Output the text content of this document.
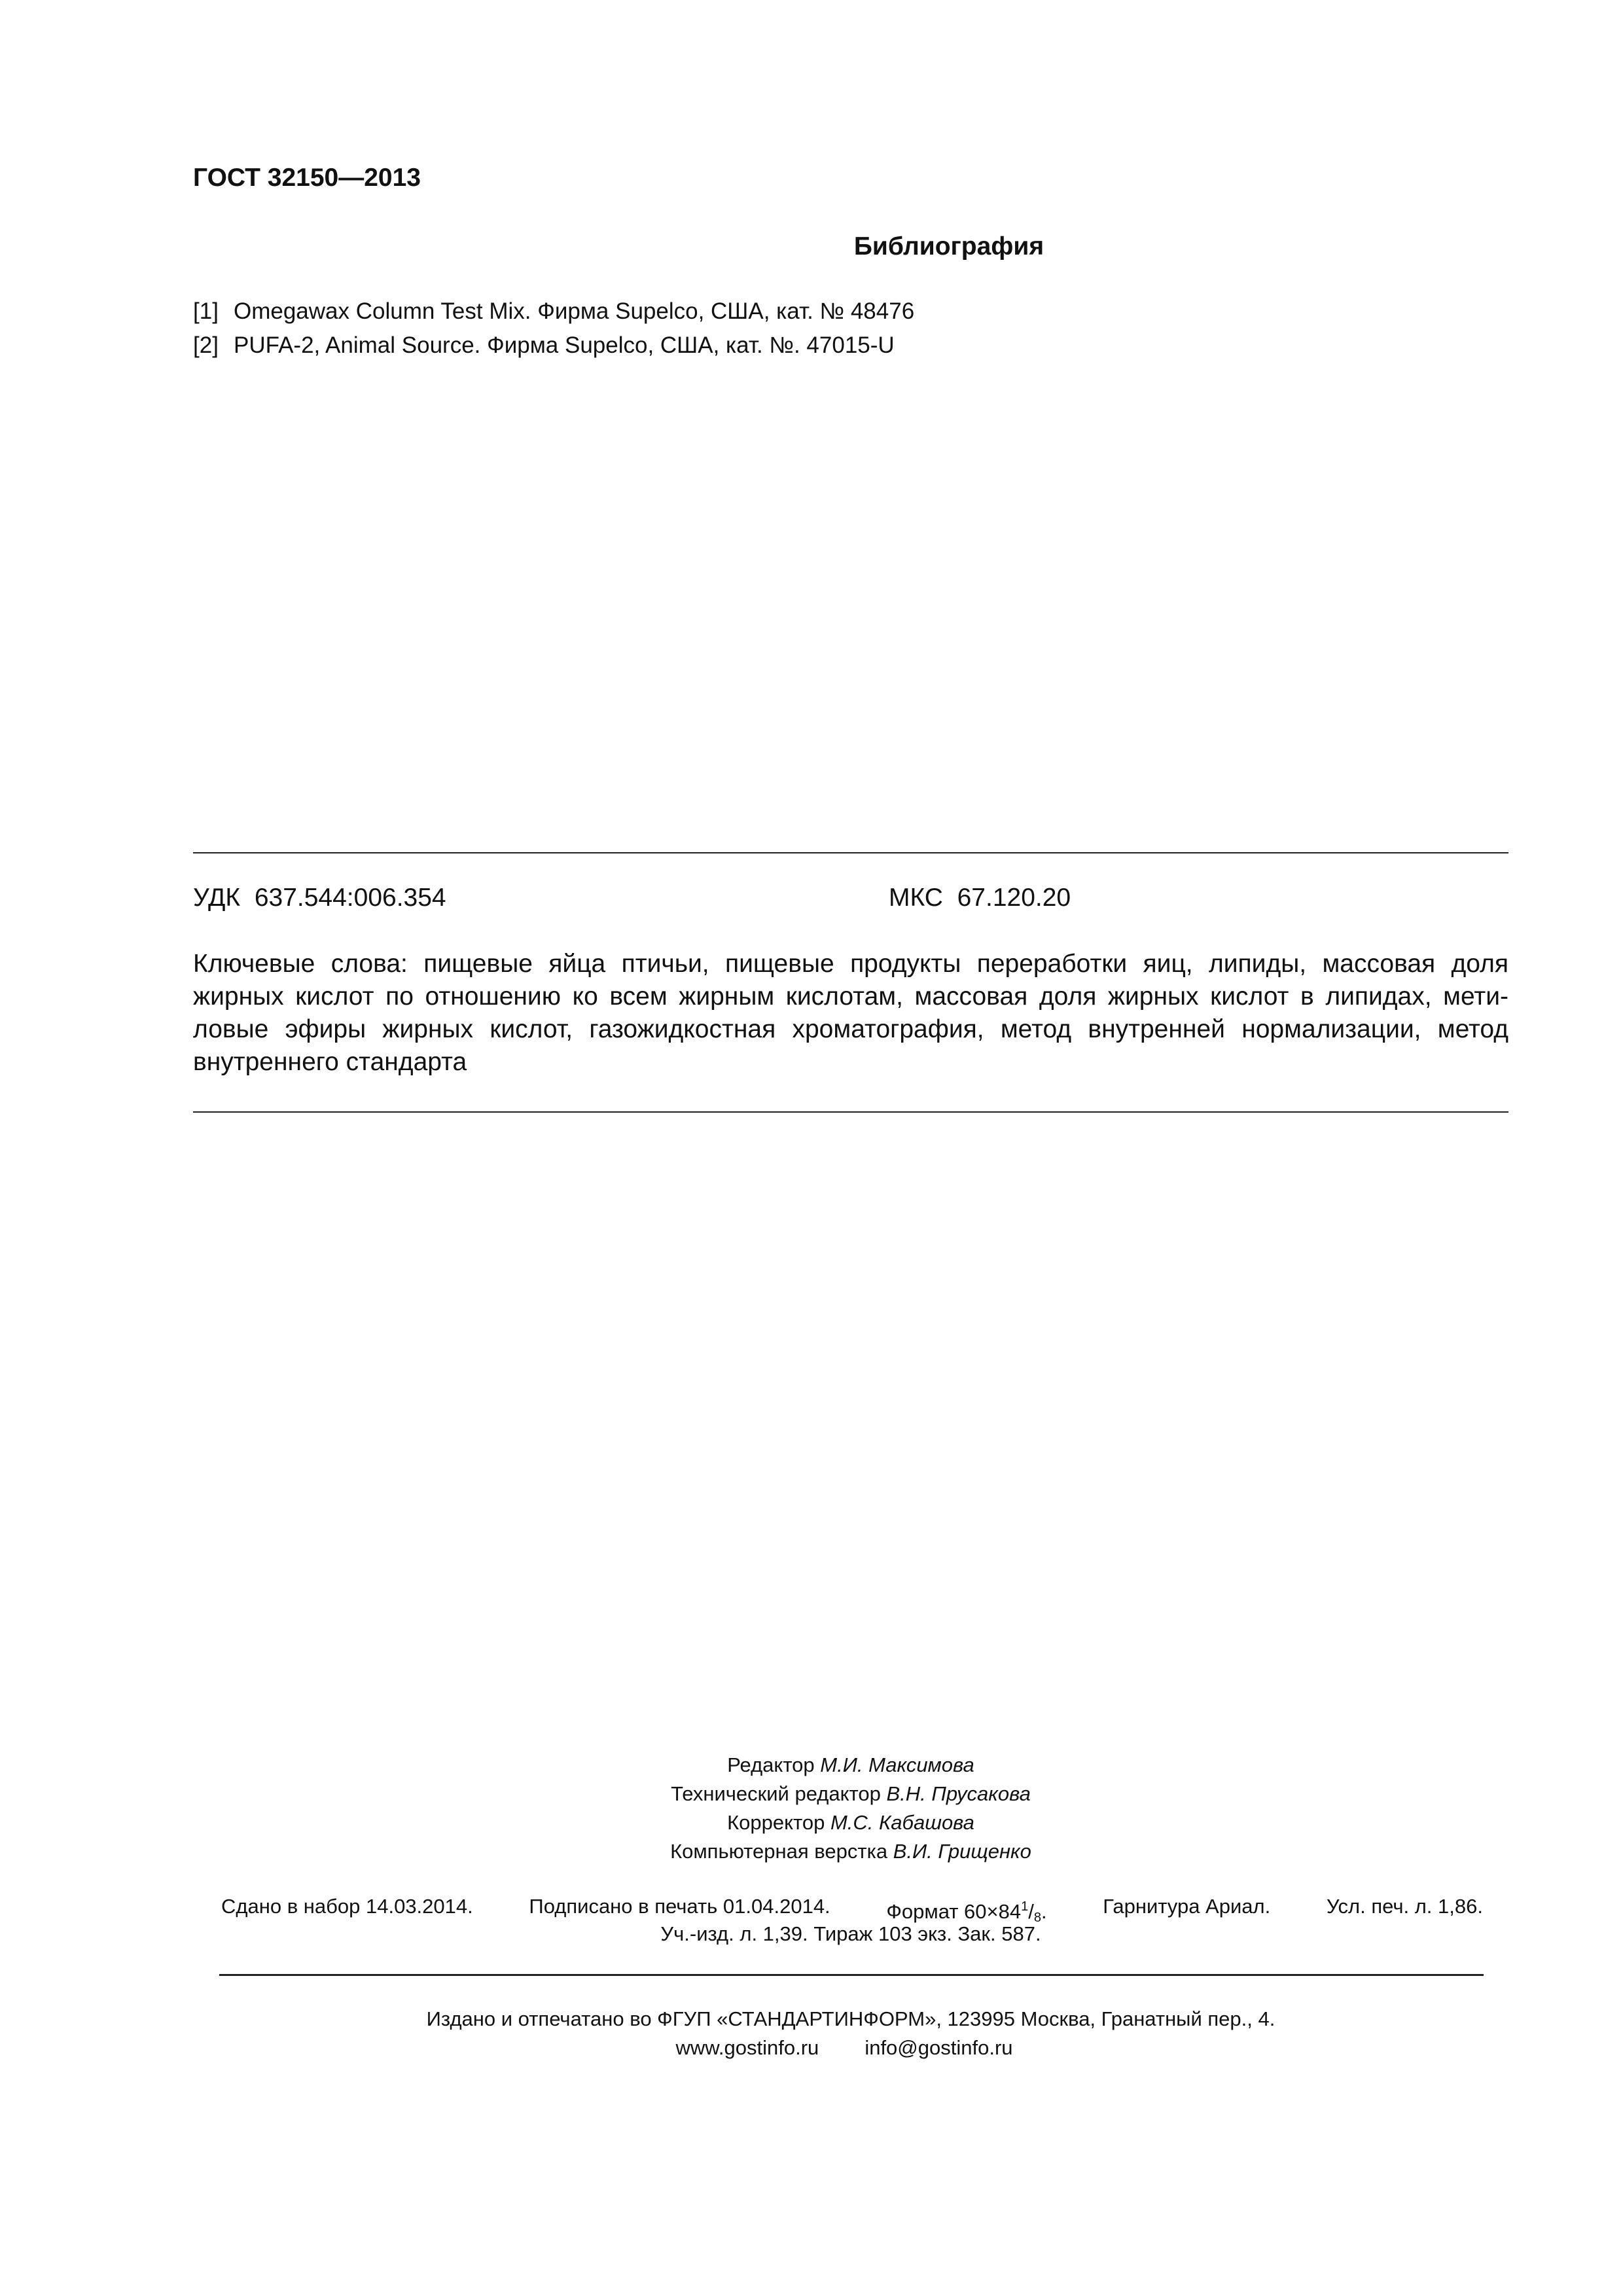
ГОСТ 32150—2013
Библиография
[1] Omegawax Column Test Mix. Фирма Supelco, США, кат. № 48476
[2] PUFA-2, Animal Source. Фирма Supelco, США, кат. №. 47015-U
УДК 637.544:006.354	МКС 67.120.20
Ключевые слова: пищевые яйца птичьи, пищевые продукты переработки яиц, липиды, массовая доля
жирных кислот по отношению ко всем жирным кислотам, массовая доля жирных кислот в липидах, мети-
ловые эфиры жирных кислот, газожидкостная хроматография, метод внутренней нормализации, метод
внутреннего стандарта
Редактор М.И. Максимова
Технический редактор В.Н. Прусакова
Корректор М.С. Кабашова
Компьютерная верстка В.И. Грищенко
Сдано в набор 14.03.2014.	Подписано в печать 01.04.2014.	Формат $60\times 84^1/_8$.	Гарнитура Ариал.	Усл. печ. л. 1,86.
Уч.-изд. л. 1,39. Тираж 103 экз. Зак. 587.
Издано и отпечатано во ФГУП «СТАНДАРТИНФОРМ», 123995 Москва, Гранатный пер., 4.
www.gostinfo.ru info@gostinfo.ru
